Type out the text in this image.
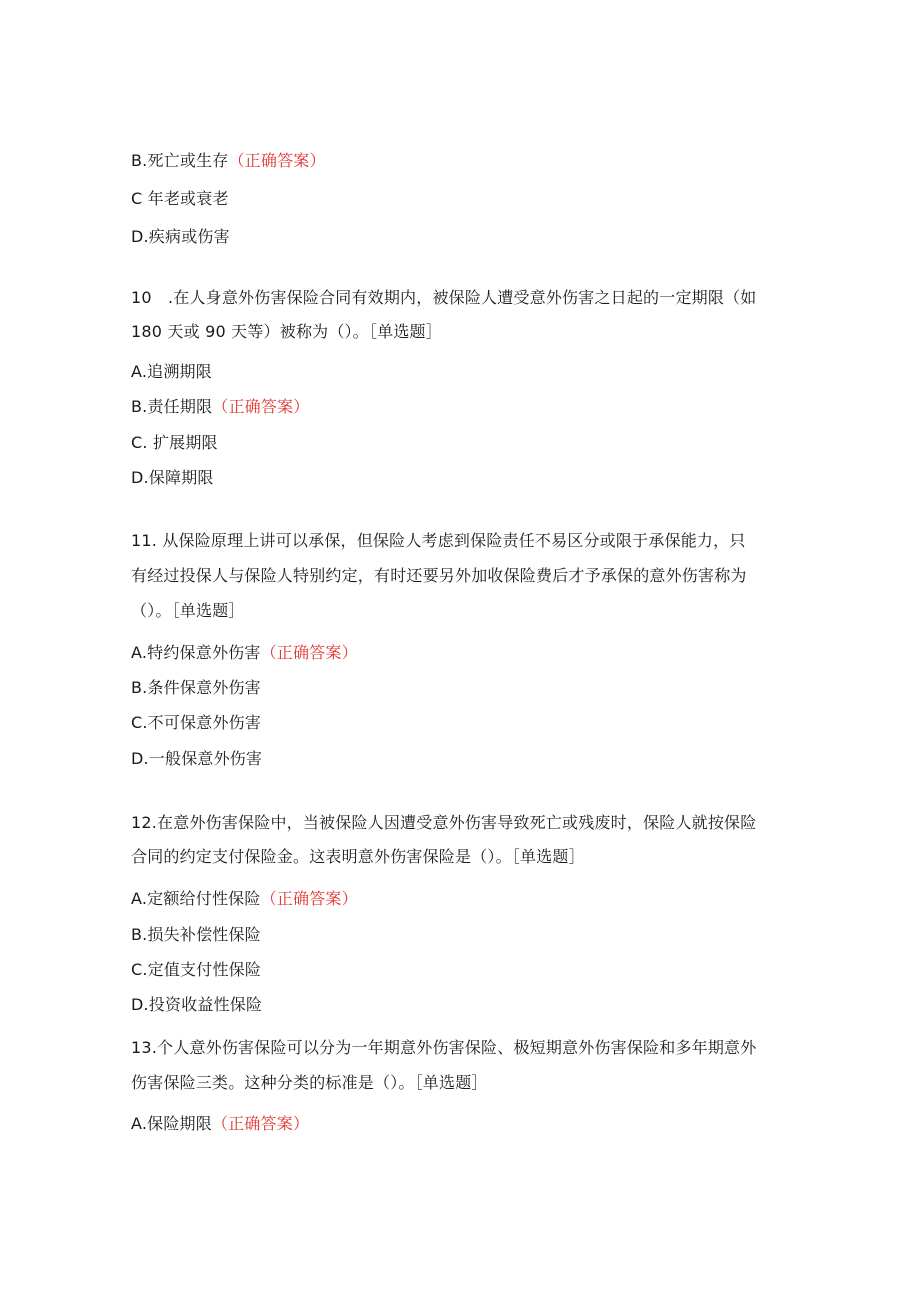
B.死亡或生存（正确答案）
C 年老或衰老
D.疾病或伤害
10　.在人身意外伤害保险合同有效期内，被保险人遭受意外伤害之日起的一定期限（如
180 天或 90 天等）被称为（）。［单选题］
A.追溯期限
B.责任期限（正确答案）
C. 扩展期限
D.保障期限
11. 从保险原理上讲可以承保，但保险人考虑到保险责任不易区分或限于承保能力，只
有经过投保人与保险人特别约定，有时还要另外加收保险费后才予承保的意外伤害称为
（）。［单选题］
A.特约保意外伤害（正确答案）
B.条件保意外伤害
C.不可保意外伤害
D.一般保意外伤害
12.在意外伤害保险中，当被保险人因遭受意外伤害导致死亡或残废时，保险人就按保险
合同的约定支付保险金。这表明意外伤害保险是（）。［单选题］
A.定额给付性保险（正确答案）
B.损失补偿性保险
C.定值支付性保险
D.投资收益性保险
13.个人意外伤害保险可以分为一年期意外伤害保险、极短期意外伤害保险和多年期意外
伤害保险三类。这种分类的标准是（）。［单选题］
A.保险期限（正确答案）
